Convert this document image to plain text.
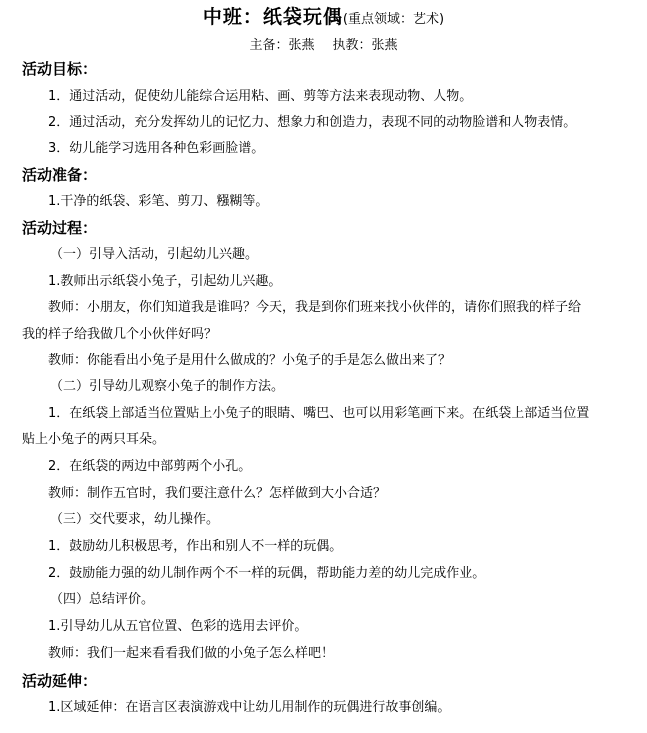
中班：纸袋玩偶(重点领域：艺术)
主备：张燕 执教：张燕
活动目标：
1．通过活动，促使幼儿能综合运用粘、画、剪等方法来表现动物、人物。
2．通过活动，充分发挥幼儿的记忆力、想象力和创造力，表现不同的动物脸谱和人物表情。
3．幼儿能学习选用各种色彩画脸谱。
活动准备：
1.干净的纸袋、彩笔、剪刀、糨糊等。
活动过程：
（一）引导入活动，引起幼儿兴趣。
1.教师出示纸袋小兔子，引起幼儿兴趣。
教师：小朋友，你们知道我是谁吗？今天，我是到你们班来找小伙伴的，请你们照我的样子给
我的样子给我做几个小伙伴好吗？
教师：你能看出小兔子是用什么做成的？小兔子的手是怎么做出来了？
（二）引导幼儿观察小兔子的制作方法。
1．在纸袋上部适当位置贴上小兔子的眼睛、嘴巴、也可以用彩笔画下来。在纸袋上部适当位置
贴上小兔子的两只耳朵。
2．在纸袋的两边中部剪两个小孔。
教师：制作五官时，我们要注意什么？怎样做到大小合适？
（三）交代要求，幼儿操作。
1．鼓励幼儿积极思考，作出和别人不一样的玩偶。
2．鼓励能力强的幼儿制作两个不一样的玩偶，帮助能力差的幼儿完成作业。
（四）总结评价。
1.引导幼儿从五官位置、色彩的选用去评价。
教师：我们一起来看看我们做的小兔子怎么样吧！
活动延伸：
1.区域延伸：在语言区表演游戏中让幼儿用制作的玩偶进行故事创编。
